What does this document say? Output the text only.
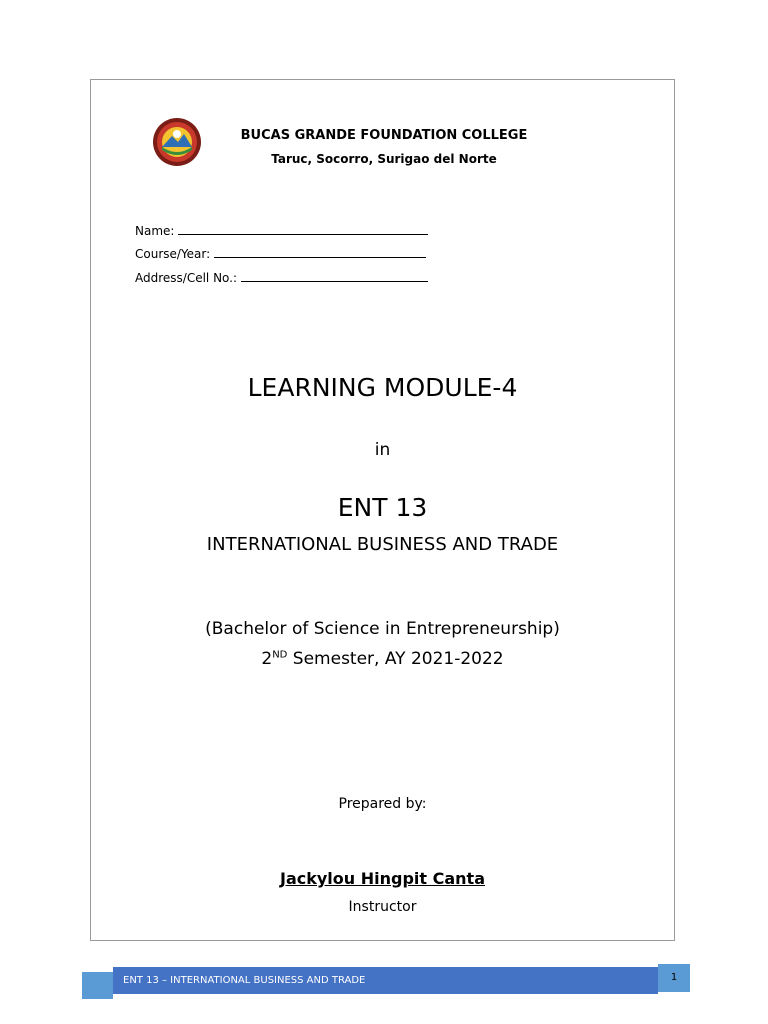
BUCAS GRANDE FOUNDATION COLLEGE
Taruc, Socorro, Surigao del Norte
Name:
Course/Year:
Address/Cell No.:
LEARNING MODULE-4
in
ENT 13
INTERNATIONAL BUSINESS AND TRADE
(Bachelor of Science in Entrepreneurship)
2ND Semester, AY 2021-2022
Prepared by:
Jackylou Hingpit Canta
Instructor
ENT 13 – INTERNATIONAL BUSINESS AND TRADE	1
